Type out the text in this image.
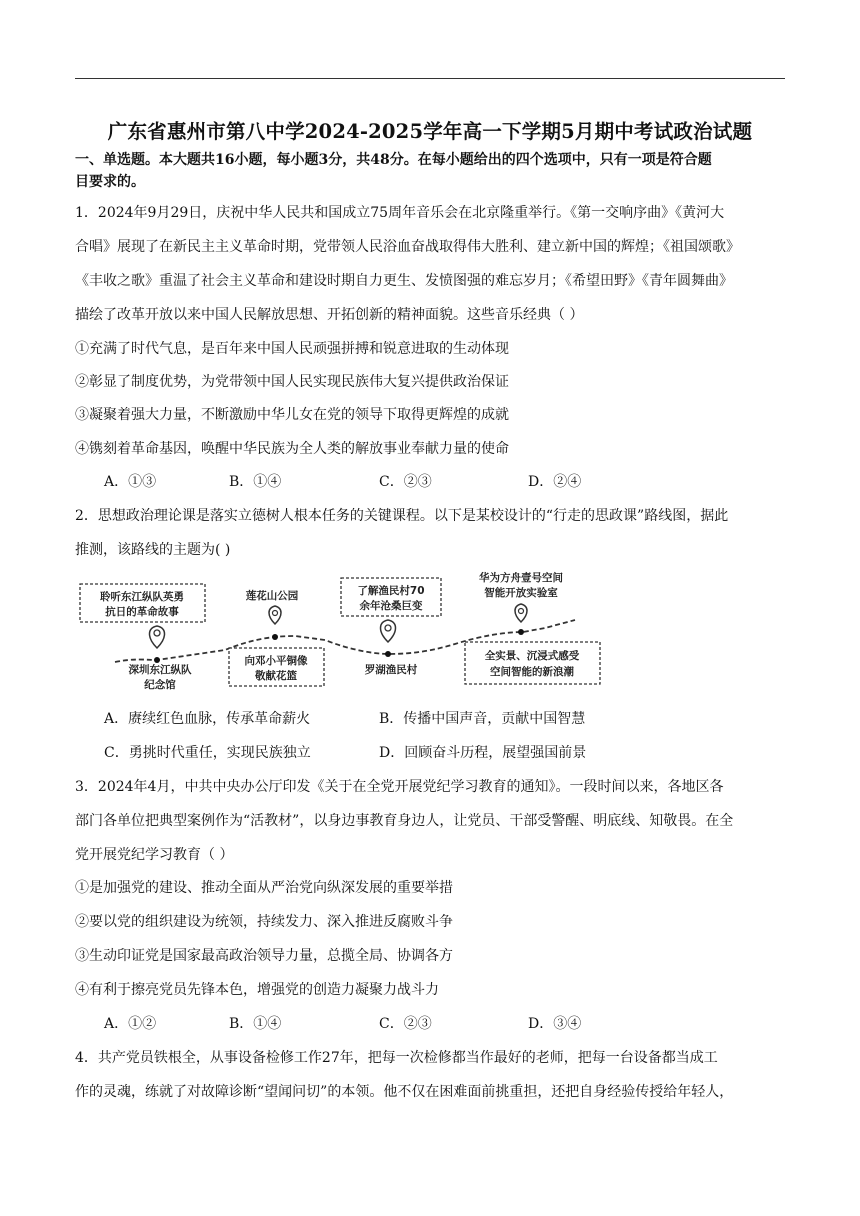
广东省惠州市第八中学2024-2025学年高一下学期5月期中考试政治试题
一、单选题。本大题共16小题，每小题3分，共48分。在每小题给出的四个选项中，只有一项是符合题
目要求的。
1．2024年9月29日，庆祝中华人民共和国成立75周年音乐会在北京隆重举行。《第一交响序曲》《黄河大
合唱》展现了在新民主主义革命时期，党带领人民浴血奋战取得伟大胜利、建立新中国的辉煌；《祖国颂歌》
《丰收之歌》重温了社会主义革命和建设时期自力更生、发愤图强的难忘岁月；《希望田野》《青年圆舞曲》
描绘了改革开放以来中国人民解放思想、开拓创新的精神面貌。这些音乐经典（ ）
①充满了时代气息，是百年来中国人民顽强拼搏和锐意进取的生动体现
②彰显了制度优势，为党带领中国人民实现民族伟大复兴提供政治保证
③凝聚着强大力量，不断激励中华儿女在党的领导下取得更辉煌的成就
④镌刻着革命基因，唤醒中华民族为全人类的解放事业奉献力量的使命
A．①③	B．①④	C．②③	D．②④
2．思想政治理论课是落实立德树人根本任务的关键课程。以下是某校设计的“行走的思政课”路线图，据此
推测，该路线的主题为( )
聆听东江纵队英勇
抗日的革命故事
莲花山公园	了解渔民村70
余年沧桑巨变
华为方舟壹号空间
智能开放实验室
深圳东江纵队
纪念馆
向邓小平铜像
敬献花篮	罗湖渔民村
全实景、沉浸式感受
空间智能的新浪潮
A．赓续红色血脉，传承革命薪火	B．传播中国声音，贡献中国智慧
C．勇挑时代重任，实现民族独立	D．回顾奋斗历程，展望强国前景
3．2024年4月，中共中央办公厅印发《关于在全党开展党纪学习教育的通知》。一段时间以来，各地区各
部门各单位把典型案例作为“活教材”，以身边事教育身边人，让党员、干部受警醒、明底线、知敬畏。在全
党开展党纪学习教育（ ）
①是加强党的建设、推动全面从严治党向纵深发展的重要举措
②要以党的组织建设为统领，持续发力、深入推进反腐败斗争
③生动印证党是国家最高政治领导力量，总揽全局、协调各方
④有利于擦亮党员先锋本色，增强党的创造力凝聚力战斗力
A．①②	B．①④	C．②③	D．③④
4．共产党员铁根全，从事设备检修工作27年，把每一次检修都当作最好的老师，把每一台设备都当成工
作的灵魂，练就了对故障诊断“望闻问切”的本领。他不仅在困难面前挑重担，还把自身经验传授给年轻人，
